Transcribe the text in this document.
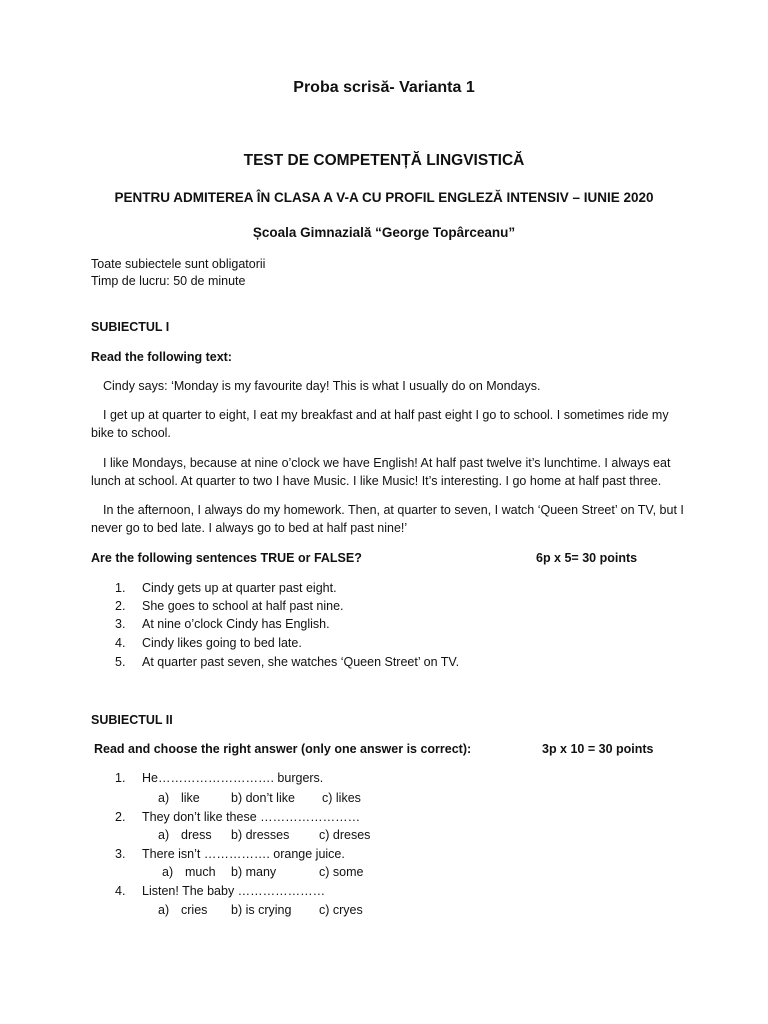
Proba scrisă- Varianta 1
TEST DE COMPETENȚĂ LINGVISTICĂ
PENTRU ADMITEREA ÎN CLASA A V-A CU PROFIL ENGLEZĂ INTENSIV – IUNIE 2020
Școala Gimnazială “George Topârceanu”
Toate subiectele sunt obligatorii
Timp de lucru: 50 de minute
SUBIECTUL I
Read the following text:
Cindy says: ‘Monday is my favourite day! This is what I usually do on Mondays.
I get up at quarter to eight, I eat my breakfast and at half past eight I go to school. I sometimes ride my bike to school.
I like Mondays, because at nine o’clock we have English! At half past twelve it’s lunchtime. I always eat lunch at school. At quarter to two I have Music. I like Music! It’s interesting. I go home at half past three.
In the afternoon, I always do my homework. Then, at quarter to seven, I watch ‘Queen Street’ on TV, but I never go to bed late. I always go to bed at half past nine!’
Are the following sentences TRUE or FALSE?	6p x 5= 30 points
1. Cindy gets up at quarter past eight.
2. She goes to school at half past nine.
3. At nine o’clock Cindy has English.
4. Cindy likes going to bed late.
5. At quarter past seven, she watches ‘Queen Street’ on TV.
SUBIECTUL II
Read and choose the right answer (only one answer is correct):	3p x 10 = 30 points
1. He………………………. burgers.
a) like b) don’t like c) likes
2. They don’t like these ……………………
a) dress b) dresses c) dreses
3. There isn’t ……………. orange juice.
a) much b) many	c) some
4. Listen! The baby …………………
a) cries b) is crying c) cryes
